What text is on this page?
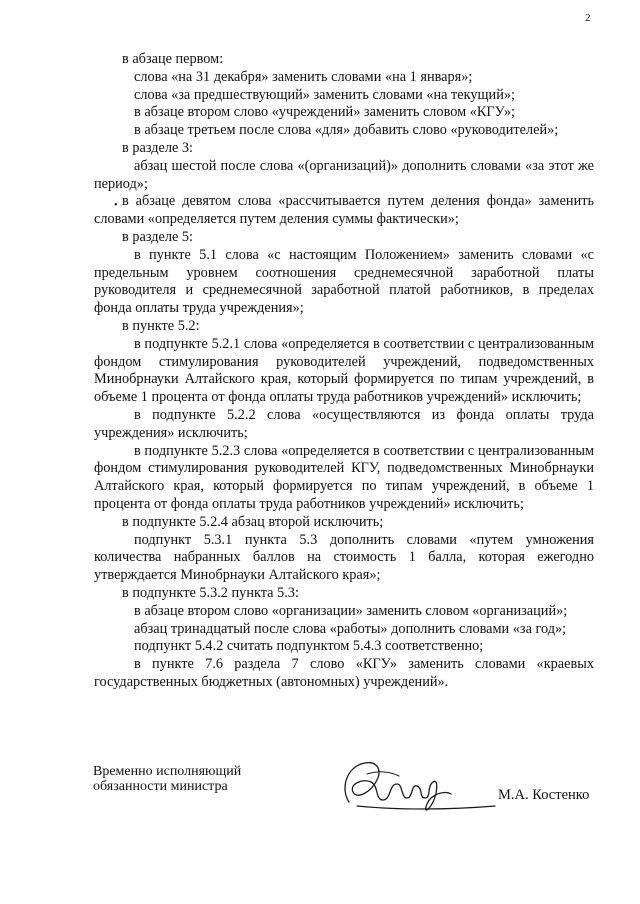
2
•

в абзаце первом:

слова «на 31 декабря» заменить словами «на 1 января»;

слова «за предшествующий» заменить словами «на текущий»;

в абзаце втором слово «учреждений» заменить словом «КГУ»;

в абзаце третьем после слова «для» добавить слово «руководителей»;

в разделе 3:

абзац шестой после слова «(организаций)» дополнить словами «за этот же период»;

в абзаце девятом слова «рассчитывается путем деления фонда» заменить словами «определяется путем деления суммы фактически»;

в разделе 5:

в пункте 5.1 слова «с настоящим Положением» заменить словами «с предельным уровнем соотношения среднемесячной заработной платы руководителя и среднемесячной заработной платой работников, в пределах фонда оплаты труда учреждения»;

в пункте 5.2:

в подпункте 5.2.1 слова «определяется в соответствии с централизованным фондом стимулирования руководителей учреждений, подведомственных Минобрнауки Алтайского края, который формируется по типам учреждений, в объеме 1 процента от фонда оплаты труда работников учреждений» исключить;

в подпункте 5.2.2 слова «осуществляются из фонда оплаты труда учреждения» исключить;

в подпункте 5.2.3 слова «определяется в соответствии с централизованным фондом стимулирования руководителей КГУ, подведомственных Минобрнауки Алтайского края, который формируется по типам учреждений, в объеме 1 процента от фонда оплаты труда работников учреждений» исключить;

в подпункте 5.2.4 абзац второй исключить;

подпункт 5.3.1 пункта 5.3 дополнить словами «путем умножения количества набранных баллов на стоимость 1 балла, которая ежегодно утверждается Минобрнауки Алтайского края»;

в подпункте 5.3.2 пункта 5.3:

в абзаце втором слово «организации» заменить словом «организаций»;

абзац тринадцатый после слова «работы» дополнить словами «за год»;

подпункт 5.4.2 считать подпунктом 5.4.3 соответственно;

в пункте 7.6 раздела 7 слово «КГУ» заменить словами «краевых государственных бюджетных (автономных) учреждений».

Временно исполняющий
обязанности министра
М.А. Костенко
